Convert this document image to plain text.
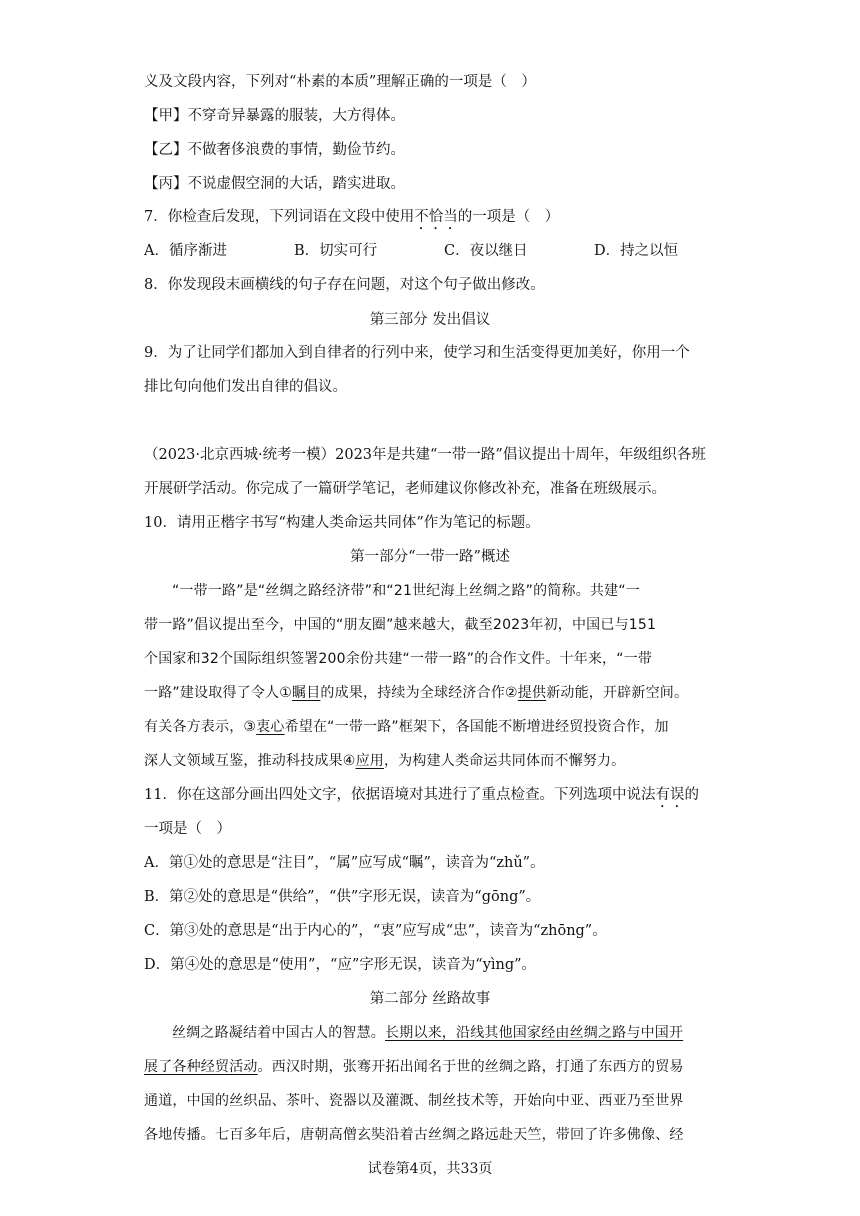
义及文段内容，下列对“朴素的本质”理解正确的一项是（　）
【甲】不穿奇异暴露的服装，大方得体。
【乙】不做奢侈浪费的事情，勤俭节约。
【丙】不说虚假空洞的大话，踏实进取。
7．你检查后发现，下列词语在文段中使用不恰当的一项是（　）
A．循序渐进	B．切实可行	C．夜以继日	D．持之以恒
8．你发现段末画横线的句子存在问题，对这个句子做出修改。
第三部分 发出倡议
9．为了让同学们都加入到自律者的行列中来，使学习和生活变得更加美好，你用一个
排比句向他们发出自律的倡议。
（2023·北京西城·统考一模）2023年是共建“一带一路”倡议提出十周年，年级组织各班
开展研学活动。你完成了一篇研学笔记，老师建议你修改补充，准备在班级展示。
10．请用正楷字书写“构建人类命运共同体”作为笔记的标题。
第一部分“一带一路”概述
“一带一路”是“丝绸之路经济带”和“21世纪海上丝绸之路”的简称。共建“一
带一路”倡议提出至今，中国的“朋友圈”越来越大，截至2023年初，中国已与151
个国家和32个国际组织签署200余份共建“一带一路”的合作文件。十年来，“一带
一路”建设取得了令人①瞩目的成果，持续为全球经济合作②提供新动能，开辟新空间。
有关各方表示，③衷心希望在“一带一路”框架下，各国能不断增进经贸投资合作，加
深人文领域互鉴，推动科技成果④应用，为构建人类命运共同体而不懈努力。
11．你在这部分画出四处文字，依据语境对其进行了重点检查。下列选项中说法有误的
一项是（　）
A．第①处的意思是“注目”，“属”应写成“瞩”，读音为“zhǔ”。
B．第②处的意思是“供给”，“供”字形无误，读音为“gōng”。
C．第③处的意思是“出于内心的”，“衷”应写成“忠”，读音为“zhōng”。
D．第④处的意思是“使用”，“应”字形无误，读音为“yìng”。
第二部分 丝路故事
丝绸之路凝结着中国古人的智慧。长期以来，沿线其他国家经由丝绸之路与中国开
展了各种经贸活动。西汉时期，张骞开拓出闻名于世的丝绸之路，打通了东西方的贸易
通道，中国的丝织品、茶叶、瓷器以及灌溉、制丝技术等，开始向中亚、西亚乃至世界
各地传播。七百多年后，唐朝高僧玄奘沿着古丝绸之路远赴天竺，带回了许多佛像、经
试卷第4页，共33页
